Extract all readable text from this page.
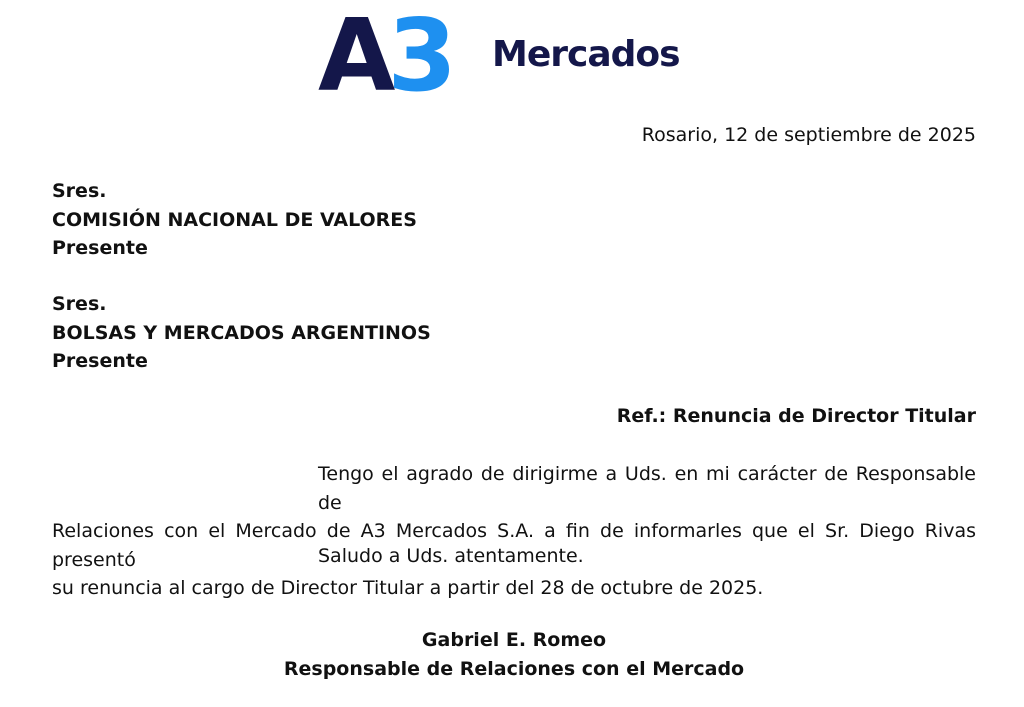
A3 Mercados
Rosario, 12 de septiembre de 2025
Sres.
COMISIÓN NACIONAL DE VALORES
Presente
Sres.
BOLSAS Y MERCADOS ARGENTINOS
Presente
Ref.: Renuncia de Director Titular
Tengo el agrado de dirigirme a Uds. en mi carácter de Responsable de
Relaciones con el Mercado de A3 Mercados S.A. a fin de informarles que el Sr. Diego Rivas presentó
su renuncia al cargo de Director Titular a partir del 28 de octubre de 2025.
Saludo a Uds. atentamente.
Gabriel E. Romeo
Responsable de Relaciones con el Mercado
